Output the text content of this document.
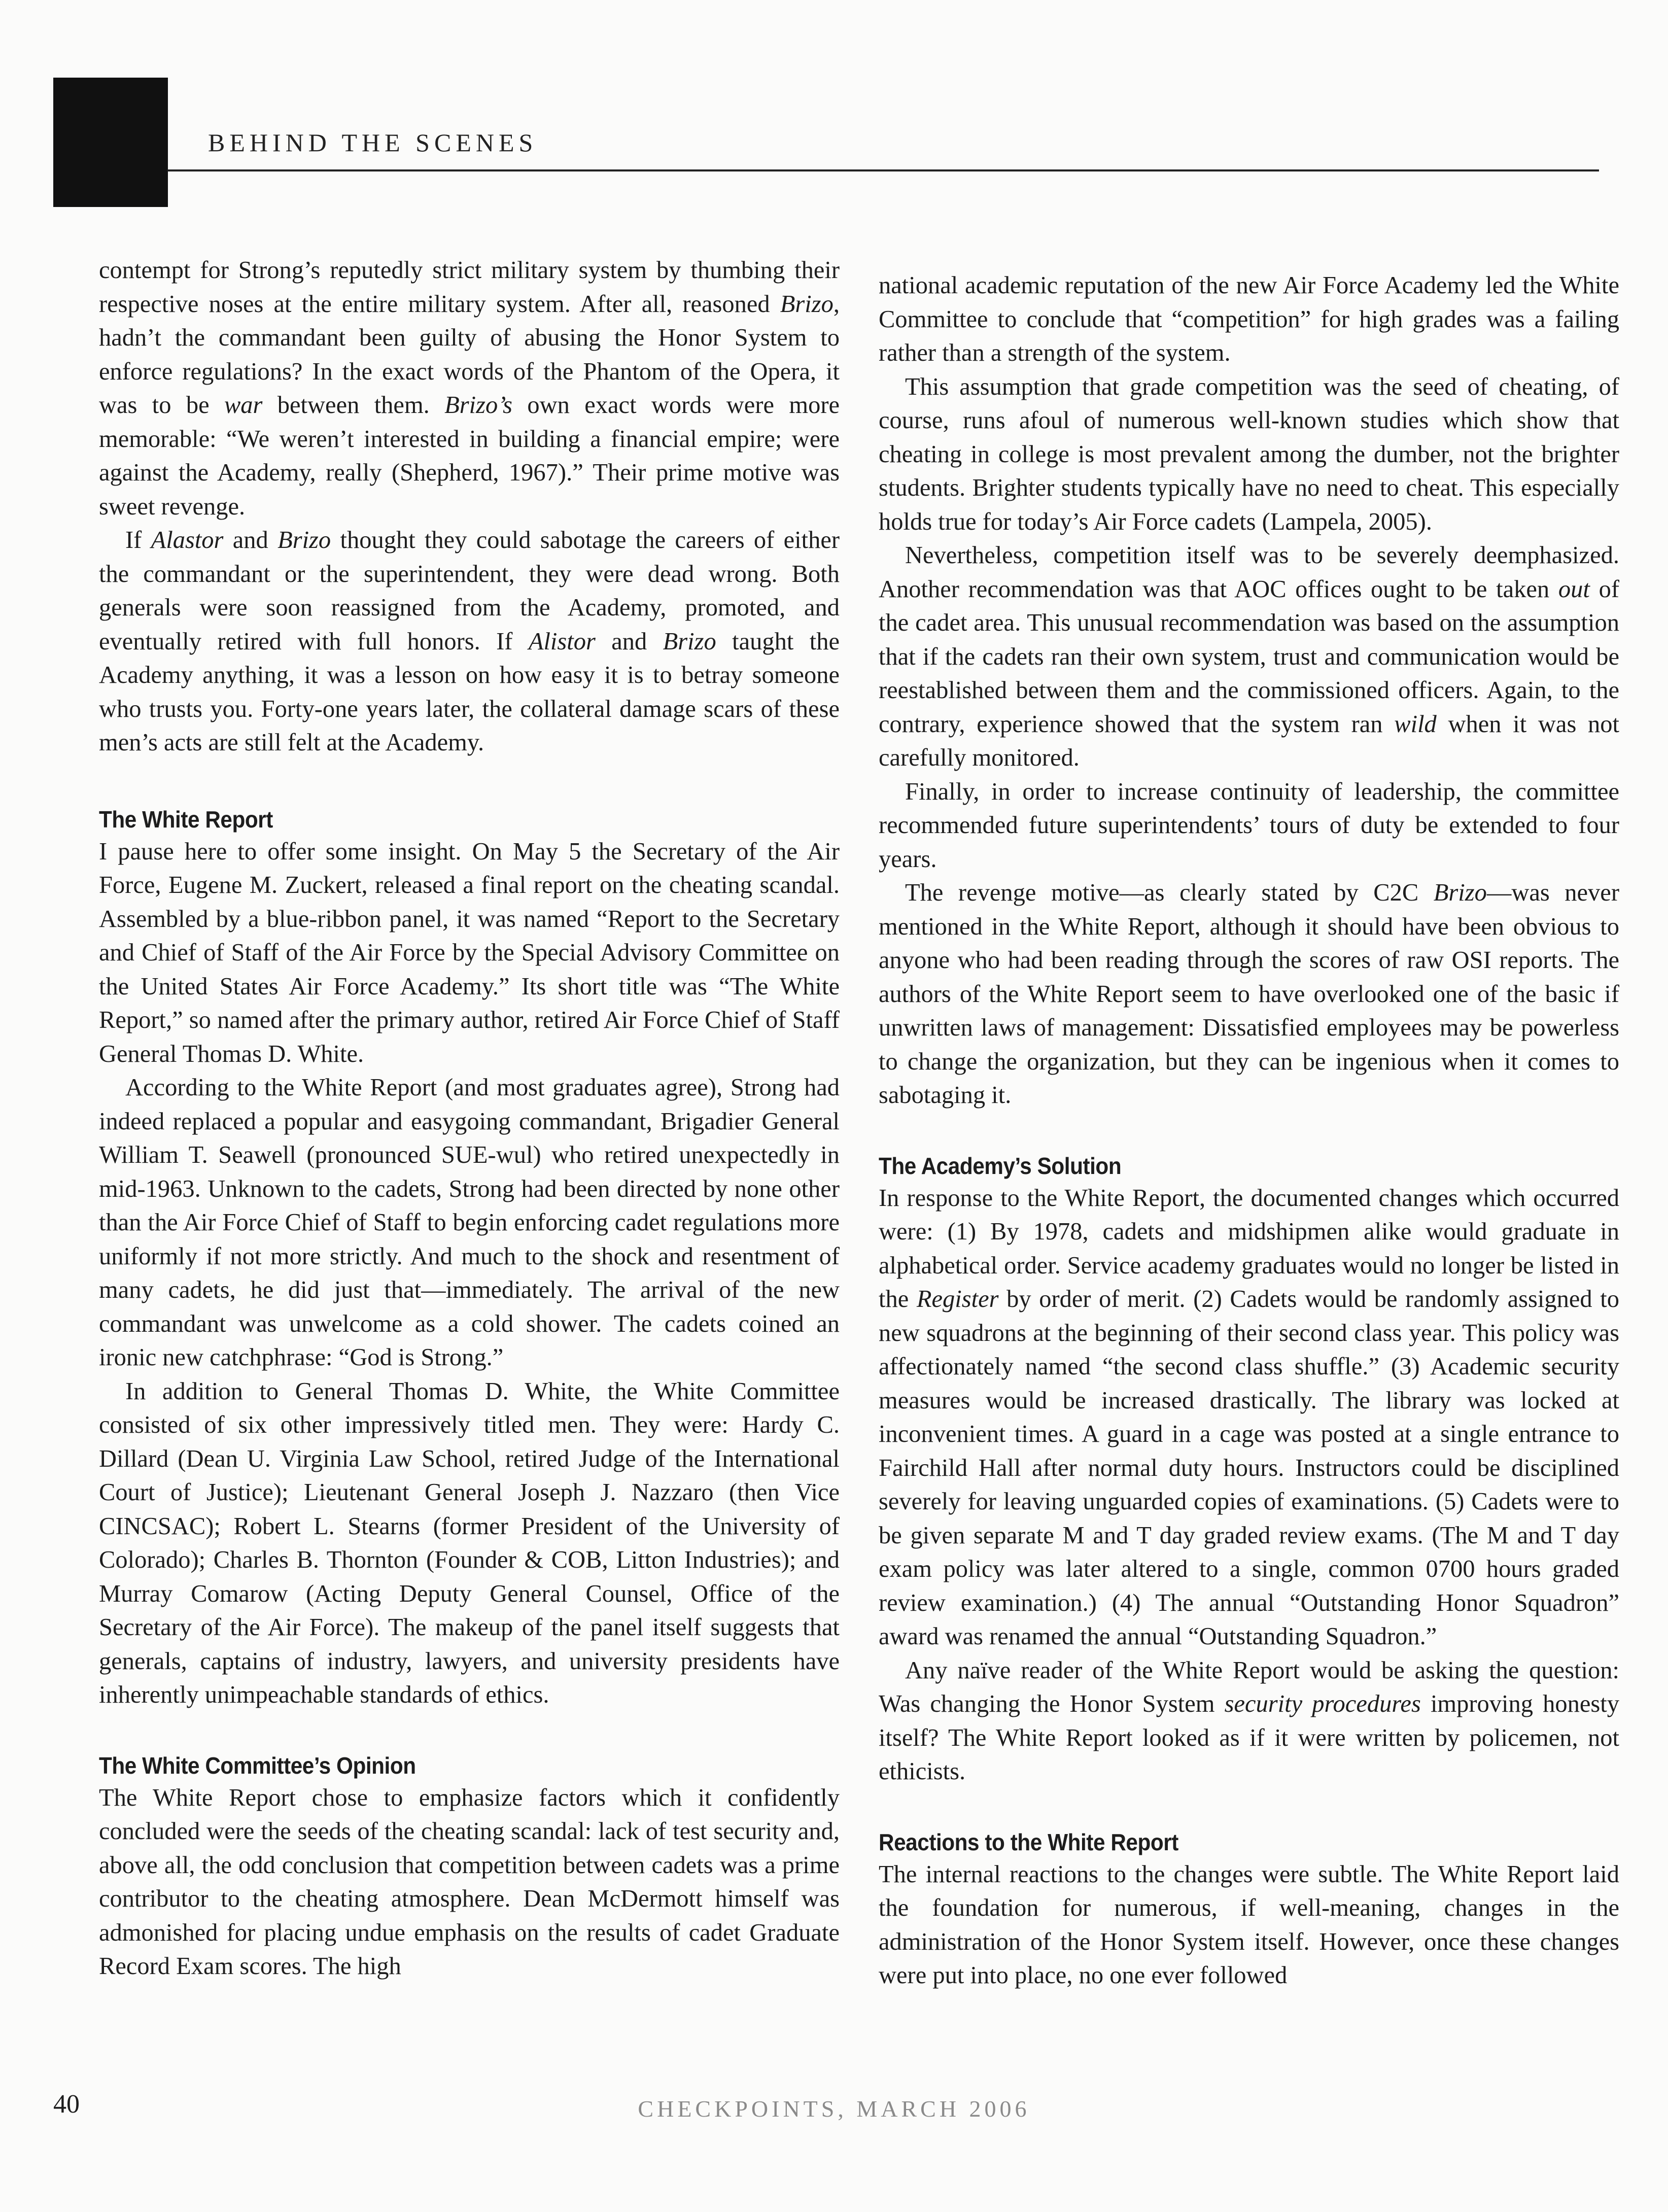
BEHIND THE SCENES

contempt for Strong’s reputedly strict military system by thumbing their respective noses at the entire military system. After all, reasoned Brizo, hadn’t the commandant been guilty of abusing the Honor System to enforce regulations? In the exact words of the Phantom of the Opera, it was to be war between them. Brizo’s own exact words were more memorable: “We weren’t interested in building a financial empire; were against the Academy, really (Shepherd, 1967).” Their prime motive was sweet revenge.

If Alastor and Brizo thought they could sabotage the careers of either the commandant or the superintendent, they were dead wrong. Both generals were soon reassigned from the Academy, promoted, and eventually retired with full honors. If Alistor and Brizo taught the Academy anything, it was a lesson on how easy it is to betray someone who trusts you. Forty-one years later, the collateral damage scars of these men’s acts are still felt at the Academy.

The White Report

I pause here to offer some insight. On May 5 the Secretary of the Air Force, Eugene M. Zuckert, released a final report on the cheating scandal. Assembled by a blue-ribbon panel, it was named “Report to the Secretary and Chief of Staff of the Air Force by the Special Advisory Committee on the United States Air Force Academy.” Its short title was “The White Report,” so named after the primary author, retired Air Force Chief of Staff General Thomas D. White.

According to the White Report (and most graduates agree), Strong had indeed replaced a popular and easygoing commandant, Brigadier General William T. Seawell (pronounced SUE-wul) who retired unexpectedly in mid-1963. Unknown to the cadets, Strong had been directed by none other than the Air Force Chief of Staff to begin enforcing cadet regulations more uniformly if not more strictly. And much to the shock and resentment of many cadets, he did just that—immediately. The arrival of the new commandant was unwelcome as a cold shower. The cadets coined an ironic new catchphrase: “God is Strong.”

In addition to General Thomas D. White, the White Committee consisted of six other impressively titled men. They were: Hardy C. Dillard (Dean U. Virginia Law School, retired Judge of the International Court of Justice); Lieutenant General Joseph J. Nazzaro (then Vice CINCSAC); Robert L. Stearns (former President of the University of Colorado); Charles B. Thornton (Founder & COB, Litton Industries); and Murray Comarow (Acting Deputy General Counsel, Office of the Secretary of the Air Force). The makeup of the panel itself suggests that generals, captains of industry, lawyers, and university presidents have inherently unimpeachable standards of ethics.

The White Committee’s Opinion

The White Report chose to emphasize factors which it confidently concluded were the seeds of the cheating scandal: lack of test security and, above all, the odd conclusion that competition between cadets was a prime contributor to the cheating atmosphere. Dean McDermott himself was admonished for placing undue emphasis on the results of cadet Graduate Record Exam scores. The high

national academic reputation of the new Air Force Academy led the White Committee to conclude that “competition” for high grades was a failing rather than a strength of the system.

This assumption that grade competition was the seed of cheating, of course, runs afoul of numerous well-known studies which show that cheating in college is most prevalent among the dumber, not the brighter students. Brighter students typically have no need to cheat. This especially holds true for today’s Air Force cadets (Lampela, 2005).

Nevertheless, competition itself was to be severely deemphasized. Another recommendation was that AOC offices ought to be taken out of the cadet area. This unusual recommendation was based on the assumption that if the cadets ran their own system, trust and communication would be reestablished between them and the commissioned officers. Again, to the contrary, experience showed that the system ran wild when it was not carefully monitored.

Finally, in order to increase continuity of leadership, the committee recommended future superintendents’ tours of duty be extended to four years.

The revenge motive—as clearly stated by C2C Brizo—was never mentioned in the White Report, although it should have been obvious to anyone who had been reading through the scores of raw OSI reports. The authors of the White Report seem to have overlooked one of the basic if unwritten laws of management: Dissatisfied employees may be powerless to change the organization, but they can be ingenious when it comes to sabotaging it.

The Academy’s Solution

In response to the White Report, the documented changes which occurred were: (1) By 1978, cadets and midshipmen alike would graduate in alphabetical order. Service academy graduates would no longer be listed in the Register by order of merit. (2) Cadets would be randomly assigned to new squadrons at the beginning of their second class year. This policy was affectionately named “the second class shuffle.” (3) Academic security measures would be increased drastically. The library was locked at inconvenient times. A guard in a cage was posted at a single entrance to Fairchild Hall after normal duty hours. Instructors could be disciplined severely for leaving unguarded copies of examinations. (5) Cadets were to be given separate M and T day graded review exams. (The M and T day exam policy was later altered to a single, common 0700 hours graded review examination.) (4) The annual “Outstanding Honor Squadron” award was renamed the annual “Outstanding Squadron.”

Any naïve reader of the White Report would be asking the question: Was changing the Honor System security procedures improving honesty itself? The White Report looked as if it were written by policemen, not ethicists.

Reactions to the White Report

The internal reactions to the changes were subtle. The White Report laid the foundation for numerous, if well-meaning, changes in the administration of the Honor System itself. However, once these changes were put into place, no one ever followed

40	CHECKPOINTS, MARCH 2006
